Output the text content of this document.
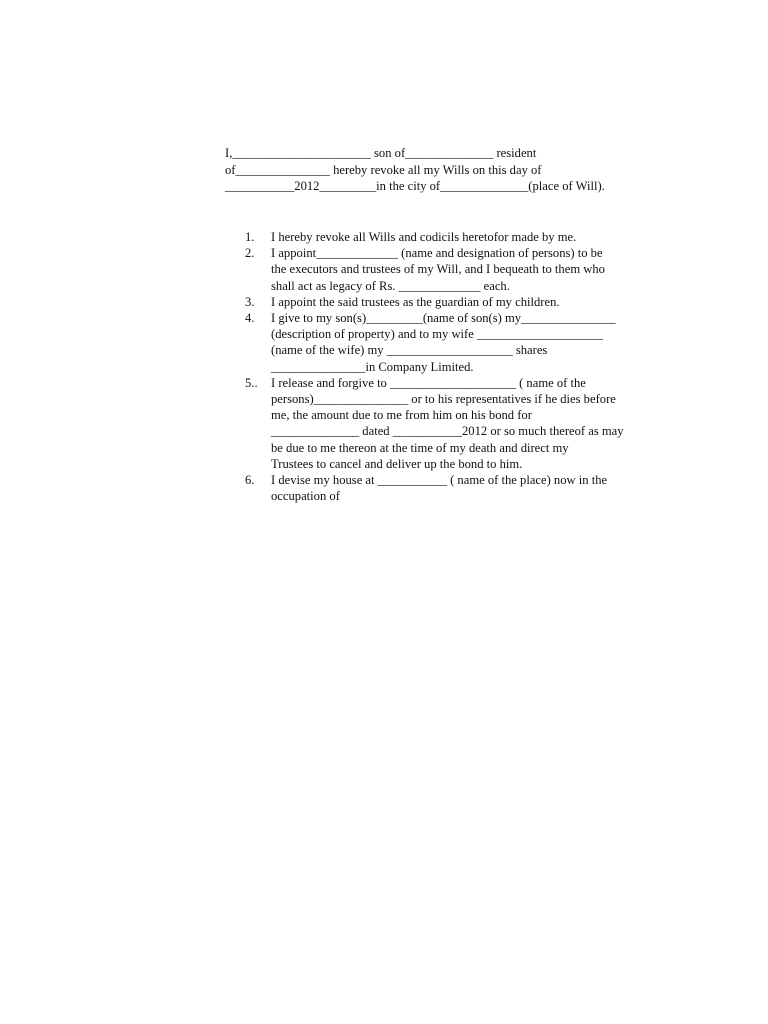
I,______________________ son of______________ resident
of_______________ hereby revoke all my Wills on this day of
___________2012_________in the city of______________(place of Will).
1.	I hereby revoke all Wills and codicils heretofor made by me.
2.	I appoint_____________ (name and designation of persons) to be
the executors and trustees of my Will, and I bequeath to them who
shall act as legacy of Rs. _____________ each.
3.	I appoint the said trustees as the guardian of my children.
4.	I give to my son(s)_________(name of son(s) my_______________
(description of property) and to my wife ____________________
(name of the wife) my ____________________ shares
_______________in Company Limited.
5..	I release and forgive to ____________________ ( name of the
persons)_______________ or to his representatives if he dies before
me, the amount due to me from him on his bond for
______________ dated ___________2012 or so much thereof as may
be due to me thereon at the time of my death and direct my
Trustees to cancel and deliver up the bond to him.
6.	I devise my house at ___________ ( name of the place) now in the
occupation of
